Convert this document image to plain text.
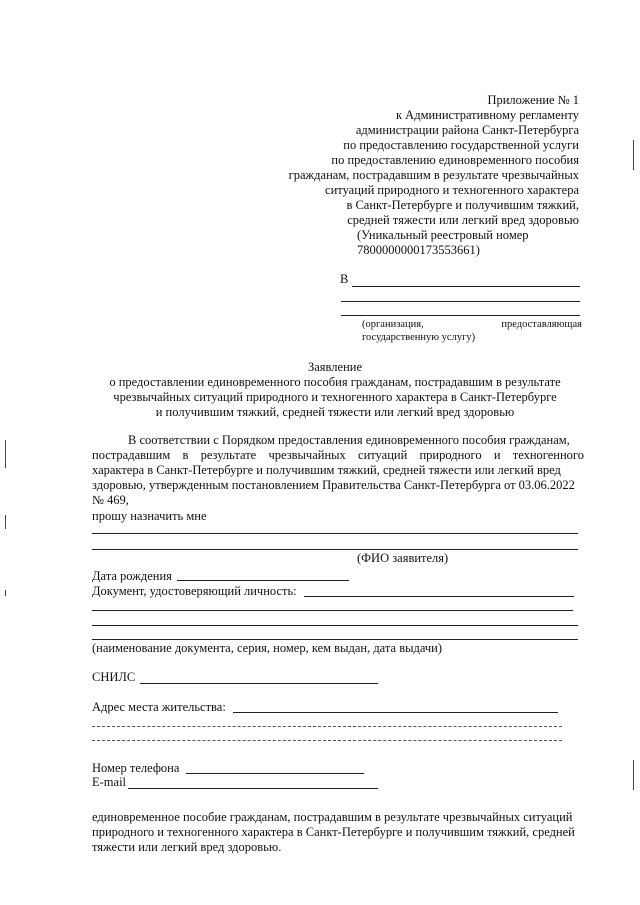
Приложение № 1
к Административному регламенту
администрации района Санкт-Петербурга
по предоставлению государственной услуги
по предоставлению единовременного пособия
гражданам, пострадавшим в результате чрезвычайных
ситуаций природного и техногенного характера
в Санкт-Петербурге и получившим тяжкий,
средней тяжести или легкий вред здоровью
(Уникальный реестровый номер
7800000000173553661)
В
(организация,	предоставляющая
государственную услугу)
Заявление
о предоставлении единовременного пособия гражданам, пострадавшим в результате
чрезвычайных ситуаций природного и техногенного характера в Санкт-Петербурге
и получившим тяжкий, средней тяжести или легкий вред здоровью
В соответствии с Порядком предоставления единовременного пособия гражданам,
пострадавшим в результате чрезвычайных ситуаций природного и техногенного
характера в Санкт-Петербурге и получившим тяжкий, средней тяжести или легкий вред
здоровью, утвержденным постановлением Правительства Санкт-Петербурга от 03.06.2022
№ 469,
прошу назначить мне
(ФИО заявителя)
Дата рождения
Документ, удостоверяющий личность:
(наименование документа, серия, номер, кем выдан, дата выдачи)
СНИЛС
Адрес места жительства:
Номер телефона
E-mail
единовременное пособие гражданам, пострадавшим в результате чрезвычайных ситуаций
природного и техногенного характера в Санкт-Петербурге и получившим тяжкий, средней
тяжести или легкий вред здоровью.
